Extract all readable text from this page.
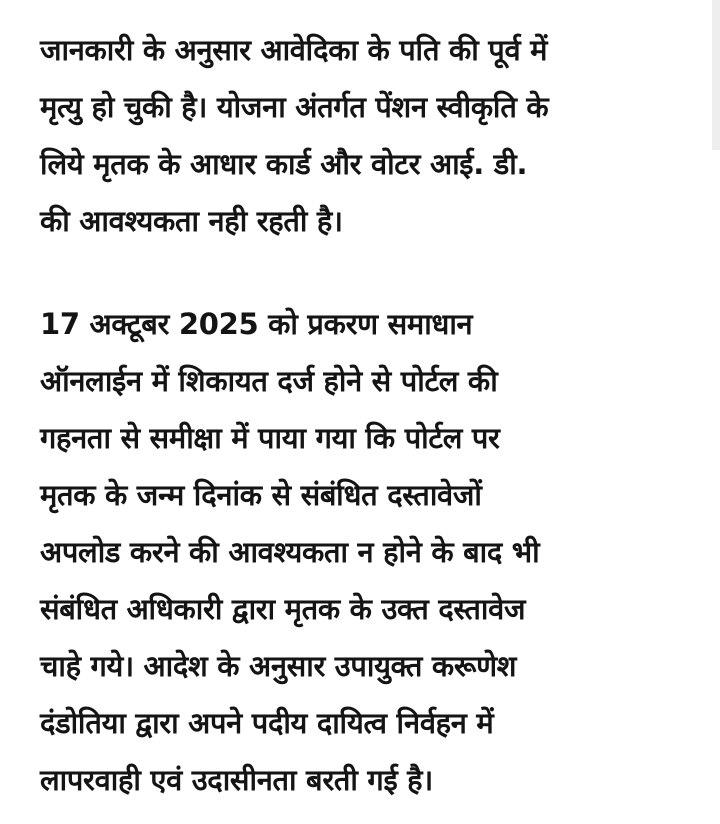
जानकारी के अनुसार आवेदिका के पति की पूर्व में
मृत्यु हो चुकी है। योजना अंतर्गत पेंशन स्वीकृति के
लिये मृतक के आधार कार्ड और वोटर आई. डी.
की आवश्यकता नही रहती है।

17 अक्टूबर 2025 को प्रकरण समाधान
ऑनलाईन में शिकायत दर्ज होने से पोर्टल की
गहनता से समीक्षा में पाया गया कि पोर्टल पर
मृतक के जन्म दिनांक से संबंधित दस्तावेजों
अपलोड करने की आवश्यकता न होने के बाद भी
संबंधित अधिकारी द्वारा मृतक के उक्त दस्तावेज
चाहे गये। आदेश के अनुसार उपायुक्त करूणेश
दंडोतिया द्वारा अपने पदीय दायित्व निर्वहन में
लापरवाही एवं उदासीनता बरती गई है।
